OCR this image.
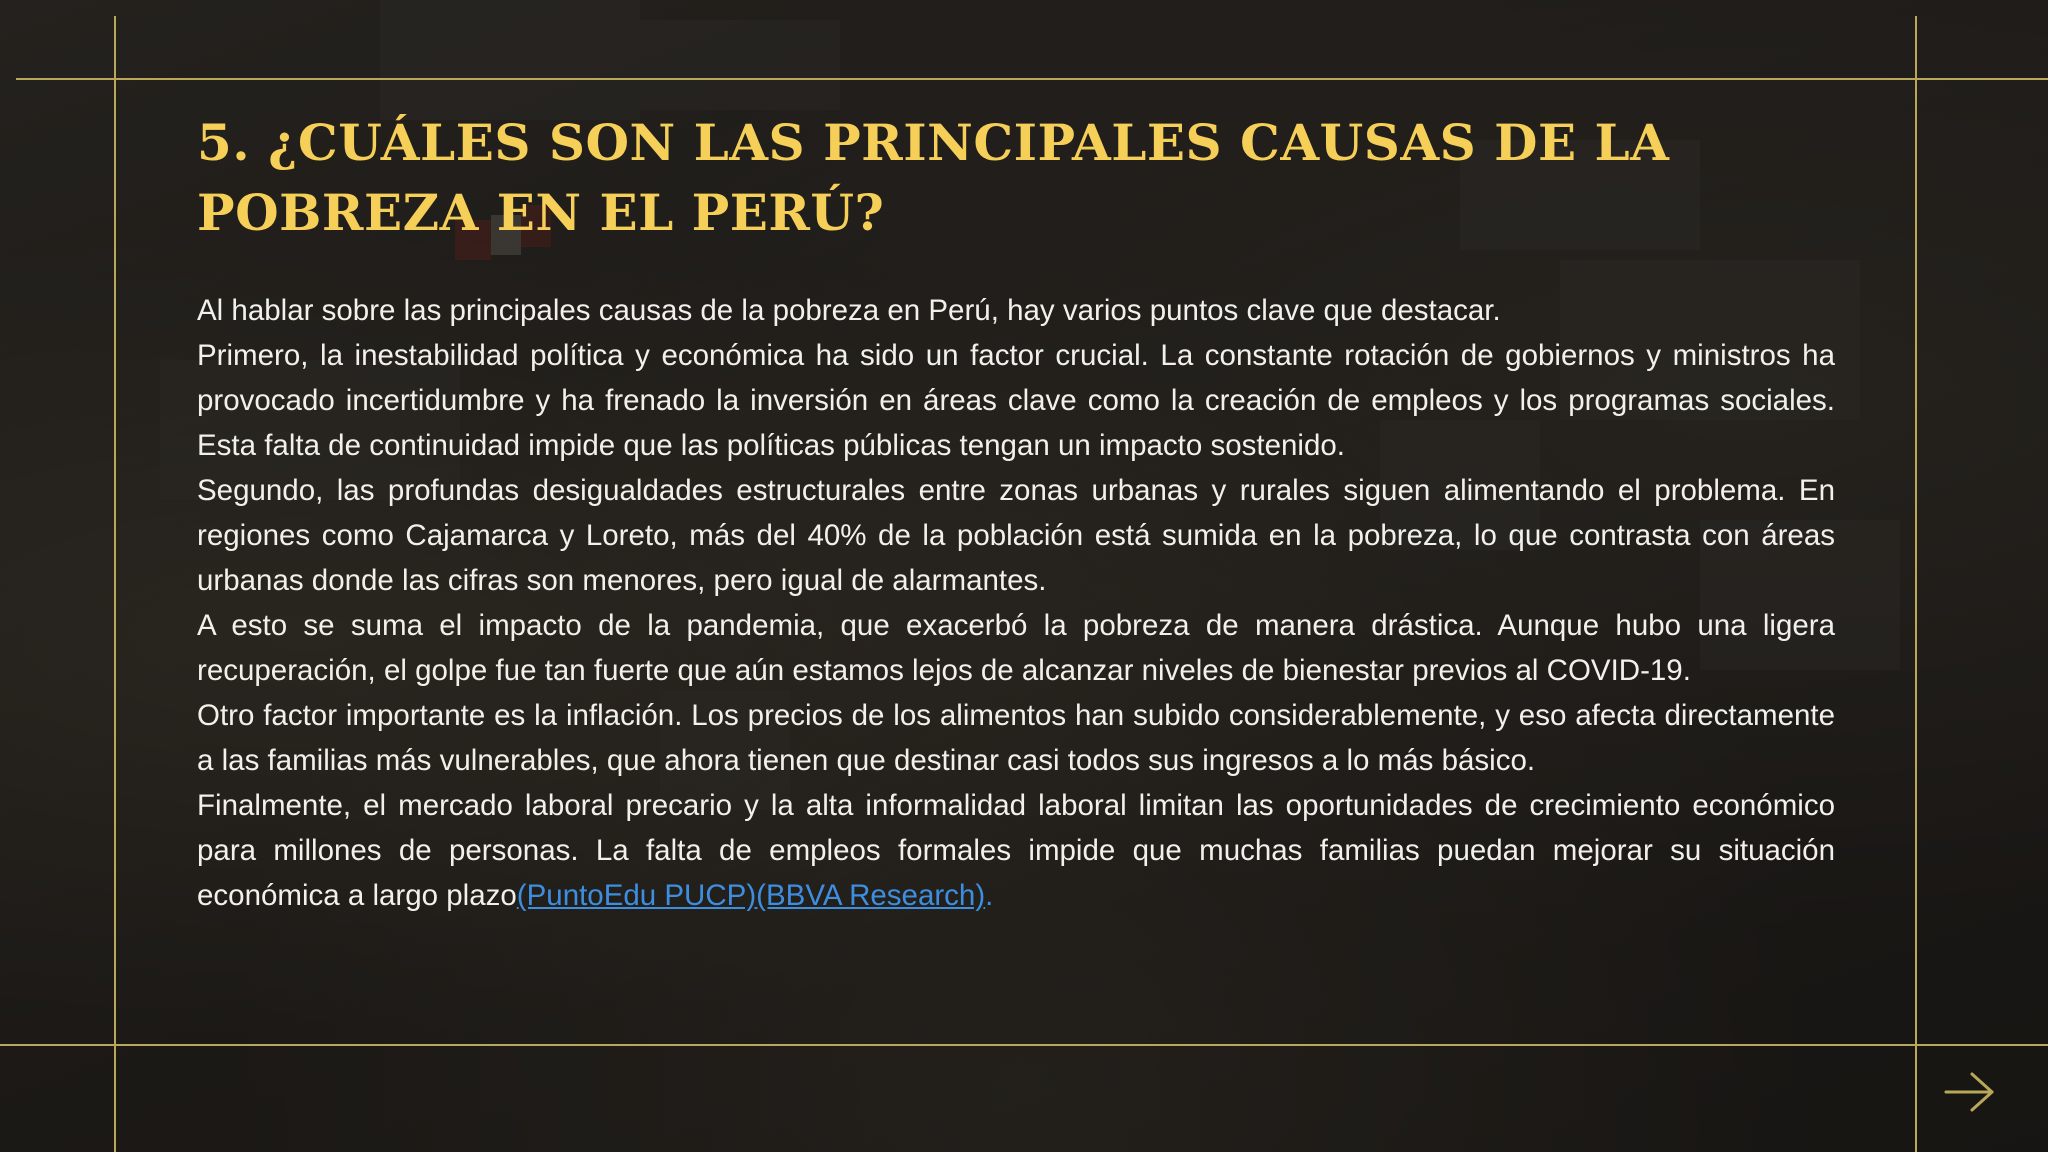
5. ¿CUÁLES SON LAS PRINCIPALES CAUSAS DE LA POBREZA EN EL PERÚ?

Al hablar sobre las principales causas de la pobreza en Perú, hay varios puntos clave que destacar.

Primero, la inestabilidad política y económica ha sido un factor crucial. La constante rotación de gobiernos y ministros ha provocado incertidumbre y ha frenado la inversión en áreas clave como la creación de empleos y los programas sociales. Esta falta de continuidad impide que las políticas públicas tengan un impacto sostenido.

Segundo, las profundas desigualdades estructurales entre zonas urbanas y rurales siguen alimentando el problema. En regiones como Cajamarca y Loreto, más del 40% de la población está sumida en la pobreza, lo que contrasta con áreas urbanas donde las cifras son menores, pero igual de alarmantes.

A esto se suma el impacto de la pandemia, que exacerbó la pobreza de manera drástica. Aunque hubo una ligera recuperación, el golpe fue tan fuerte que aún estamos lejos de alcanzar niveles de bienestar previos al COVID-19.

Otro factor importante es la inflación. Los precios de los alimentos han subido considerablemente, y eso afecta directamente a las familias más vulnerables, que ahora tienen que destinar casi todos sus ingresos a lo más básico.

Finalmente, el mercado laboral precario y la alta informalidad laboral limitan las oportunidades de crecimiento económico para millones de personas. La falta de empleos formales impide que muchas familias puedan mejorar su situación económica a largo plazo(PuntoEdu PUCP)(BBVA Research).
